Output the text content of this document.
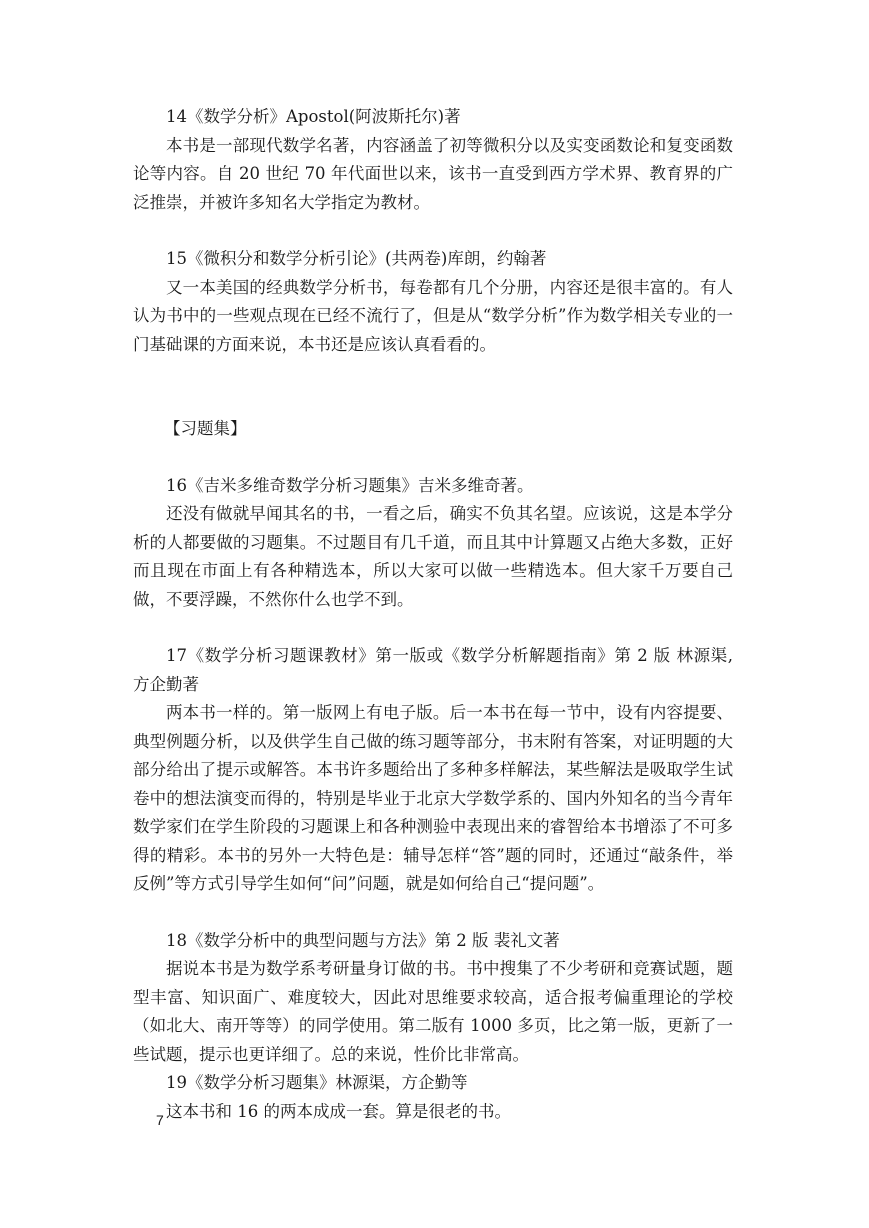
14《数学分析》Apostol(阿波斯托尔)著

本书是一部现代数学名著，内容涵盖了初等微积分以及实变函数论和复变函数论等内容。自 20 世纪 70 年代面世以来，该书一直受到西方学术界、教育界的广泛推崇，并被许多知名大学指定为教材。

15《微积分和数学分析引论》(共两卷)库朗，约翰著

又一本美国的经典数学分析书，每卷都有几个分册，内容还是很丰富的。有人认为书中的一些观点现在已经不流行了，但是从“数学分析”作为数学相关专业的一门基础课的方面来说，本书还是应该认真看看的。

【习题集】

16《吉米多维奇数学分析习题集》吉米多维奇著。

还没有做就早闻其名的书，一看之后，确实不负其名望。应该说，这是本学分析的人都要做的习题集。不过题目有几千道，而且其中计算题又占绝大多数，正好而且现在市面上有各种精选本，所以大家可以做一些精选本。但大家千万要自己做，不要浮躁，不然你什么也学不到。

17《数学分析习题课教材》第一版或《数学分析解题指南》第 2 版 林源渠, 方企勤著

两本书一样的。第一版网上有电子版。后一本书在每一节中，设有内容提要、典型例题分析，以及供学生自己做的练习题等部分，书末附有答案，对证明题的大部分给出了提示或解答。本书许多题给出了多种多样解法，某些解法是吸取学生试卷中的想法演变而得的，特别是毕业于北京大学数学系的、国内外知名的当今青年数学家们在学生阶段的习题课上和各种测验中表现出来的睿智给本书增添了不可多得的精彩。本书的另外一大特色是：辅导怎样“答”题的同时，还通过“敲条件，举反例”等方式引导学生如何“问”问题，就是如何给自己“提问题”。

18《数学分析中的典型问题与方法》第 2 版 裴礼文著

据说本书是为数学系考研量身订做的书。书中搜集了不少考研和竞赛试题，题型丰富、知识面广、难度较大，因此对思维要求较高，适合报考偏重理论的学校（如北大、南开等等）的同学使用。第二版有 1000 多页，比之第一版，更新了一些试题，提示也更详细了。总的来说，性价比非常高。

19《数学分析习题集》林源渠，方企勤等

这本书和 16 的两本成成一套。算是很老的书。

7
